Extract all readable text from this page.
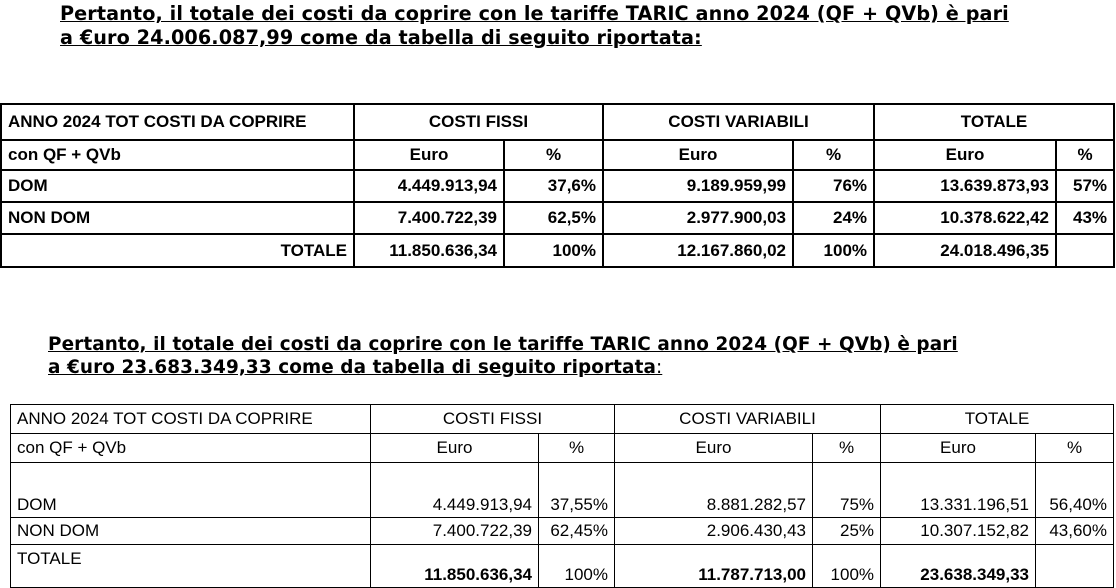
Pertanto, il totale dei costi da coprire con le tariffe TARIC anno 2024 (QF + QVb) è pari
a €uro 24.006.087,99 come da tabella di seguito riportata:
ANNO 2024 TOT COSTI DA COPRIRE	COSTI FISSI		COSTI VARIABILI		TOTALE	
con QF + QVb	Euro	%	Euro	%	Euro	%
DOM	4.449.913,94	37,6%	9.189.959,99	76%	13.639.873,93	57%
NON DOM	7.400.722,39	62,5%	2.977.900,03	24%	10.378.622,42	43%
TOTALE	11.850.636,34	100%	12.167.860,02	100%	24.018.496,35	
Pertanto, il totale dei costi da coprire con le tariffe TARIC anno 2024 (QF + QVb) è pari
a €uro 23.683.349,33 come da tabella di seguito riportata:
ANNO 2024 TOT COSTI DA COPRIRE	COSTI FISSI		COSTI VARIABILI		TOTALE	
con QF + QVb	Euro	%	Euro	%	Euro	%
DOM	4.449.913,94	37,55%	8.881.282,57	75%	13.331.196,51	56,40%
NON DOM	7.400.722,39	62,45%	2.906.430,43	25%	10.307.152,82	43,60%
TOTALE	11.850.636,34	100%	11.787.713,00	100%	23.638.349,33	
